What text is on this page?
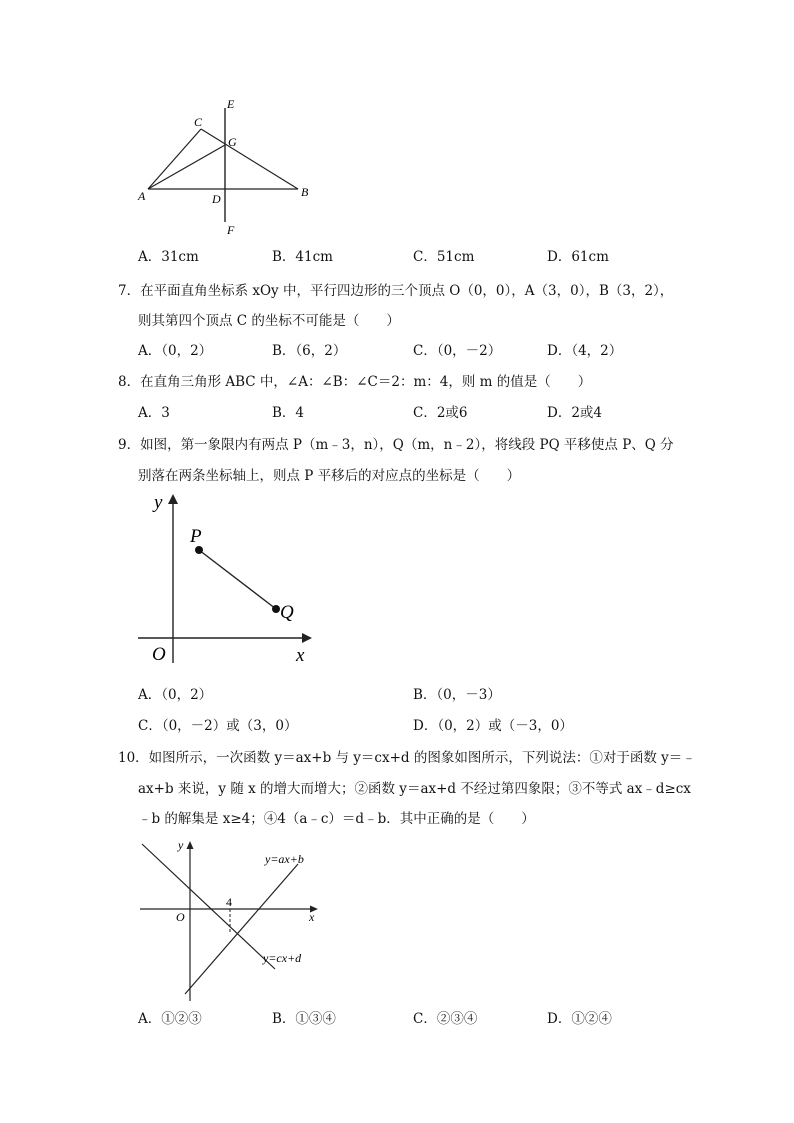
E
C
G
A	D	B
F
A．31cm	B．41cm	C．51cm	D．61cm
7．在平面直角坐标系 xOy 中，平行四边形的三个顶点 O（0，0），A（3，0），B（3，2），
则其第四个顶点 C 的坐标不可能是（　　）
A．（0，2）	B．（6，2）	C．（0，－2）	D．（4，2）
8．在直角三角形 ABC 中，∠A：∠B：∠C＝2：m：4，则 m 的值是（　　）
A．3	B．4	C．2或6	D．2或4
9．如图，第一象限内有两点 P（m﹣3，n），Q（m，n﹣2），将线段 PQ 平移使点 P、Q 分
别落在两条坐标轴上，则点 P 平移后的对应点的坐标是（　　）
y
P
Q
O	x
A．（0，2）	B．（0，－3）
C．（0，－2）或（3，0）	D．（0，2）或（－3，0）
10．如图所示，一次函数 y＝ax+b 与 y＝cx+d 的图象如图所示，下列说法：①对于函数 y＝﹣
ax+b 来说，y 随 x 的增大而增大；②函数 y＝ax+d 不经过第四象限；③不等式 ax﹣d≥cx
﹣b 的解集是 x≥4；④4（a﹣c）＝d﹣b．其中正确的是（　　）
y
y=ax+b
O
4
x
y=cx+d
A．①②③	B．①③④	C．②③④	D．①②④
